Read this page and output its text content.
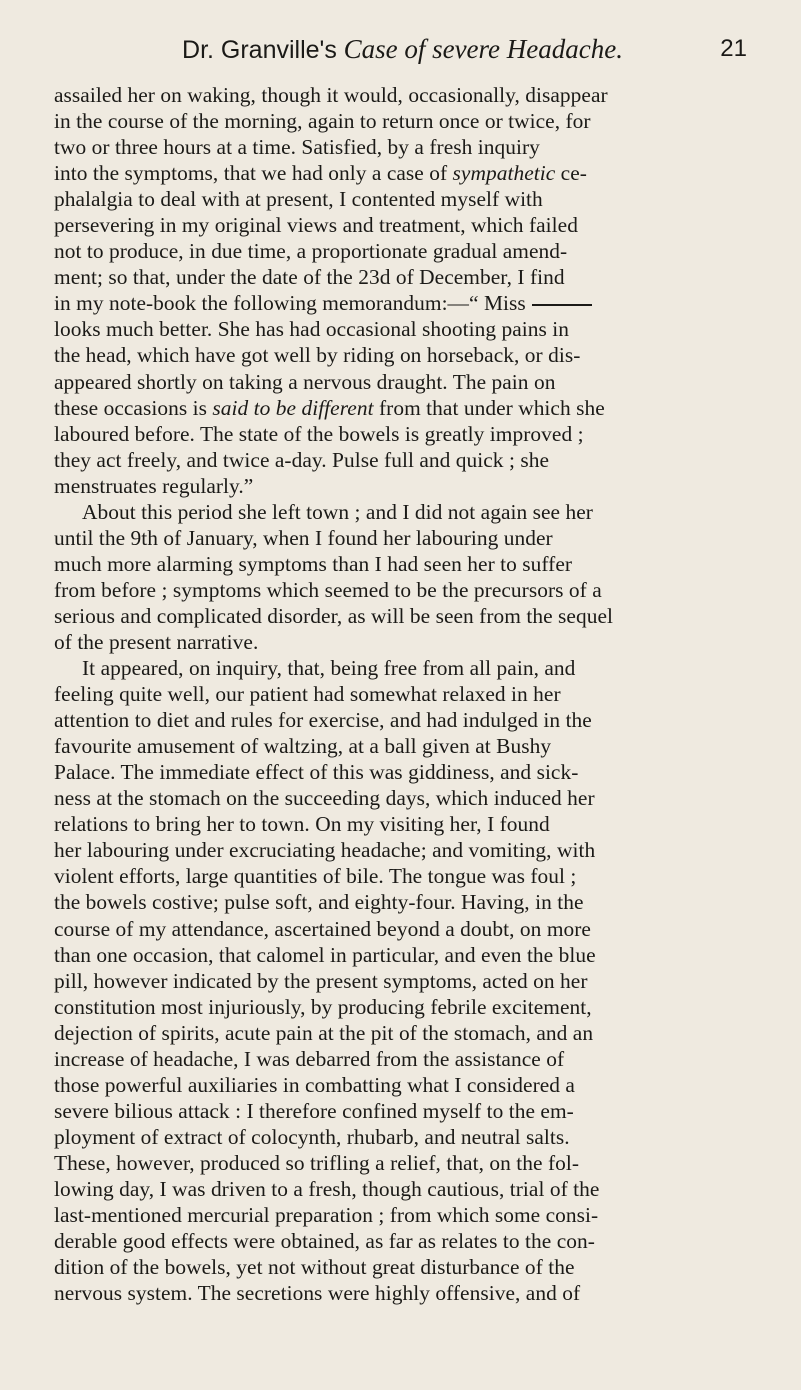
Dr. Granville's Case of severe Headache.	21
assailed her on waking, though it would, occasionally, disappear
in the course of the morning, again to return once or twice, for
two or three hours at a time. Satisfied, by a fresh inquiry
into the symptoms, that we had only a case of sympathetic ce-
phalalgia to deal with at present, I contented myself with
persevering in my original views and treatment, which failed
not to produce, in due time, a proportionate gradual amend-
ment; so that, under the date of the 23d of December, I find
in my note-book the following memorandum:—“ Miss
looks much better. She has had occasional shooting pains in
the head, which have got well by riding on horseback, or dis-
appeared shortly on taking a nervous draught. The pain on
these occasions is said to be different from that under which she
laboured before. The state of the bowels is greatly improved ;
they act freely, and twice a-day. Pulse full and quick ; she
menstruates regularly.”
About this period she left town ; and I did not again see her
until the 9th of January, when I found her labouring under
much more alarming symptoms than I had seen her to suffer
from before ; symptoms which seemed to be the precursors of a
serious and complicated disorder, as will be seen from the sequel
of the present narrative.
It appeared, on inquiry, that, being free from all pain, and
feeling quite well, our patient had somewhat relaxed in her
attention to diet and rules for exercise, and had indulged in the
favourite amusement of waltzing, at a ball given at Bushy
Palace. The immediate effect of this was giddiness, and sick-
ness at the stomach on the succeeding days, which induced her
relations to bring her to town. On my visiting her, I found
her labouring under excruciating headache; and vomiting, with
violent efforts, large quantities of bile. The tongue was foul ;
the bowels costive; pulse soft, and eighty-four. Having, in the
course of my attendance, ascertained beyond a doubt, on more
than one occasion, that calomel in particular, and even the blue
pill, however indicated by the present symptoms, acted on her
constitution most injuriously, by producing febrile excitement,
dejection of spirits, acute pain at the pit of the stomach, and an
increase of headache, I was debarred from the assistance of
those powerful auxiliaries in combatting what I considered a
severe bilious attack : I therefore confined myself to the em-
ployment of extract of colocynth, rhubarb, and neutral salts.
These, however, produced so trifling a relief, that, on the fol-
lowing day, I was driven to a fresh, though cautious, trial of the
last-mentioned mercurial preparation ; from which some consi-
derable good effects were obtained, as far as relates to the con-
dition of the bowels, yet not without great disturbance of the
nervous system. The secretions were highly offensive, and of
